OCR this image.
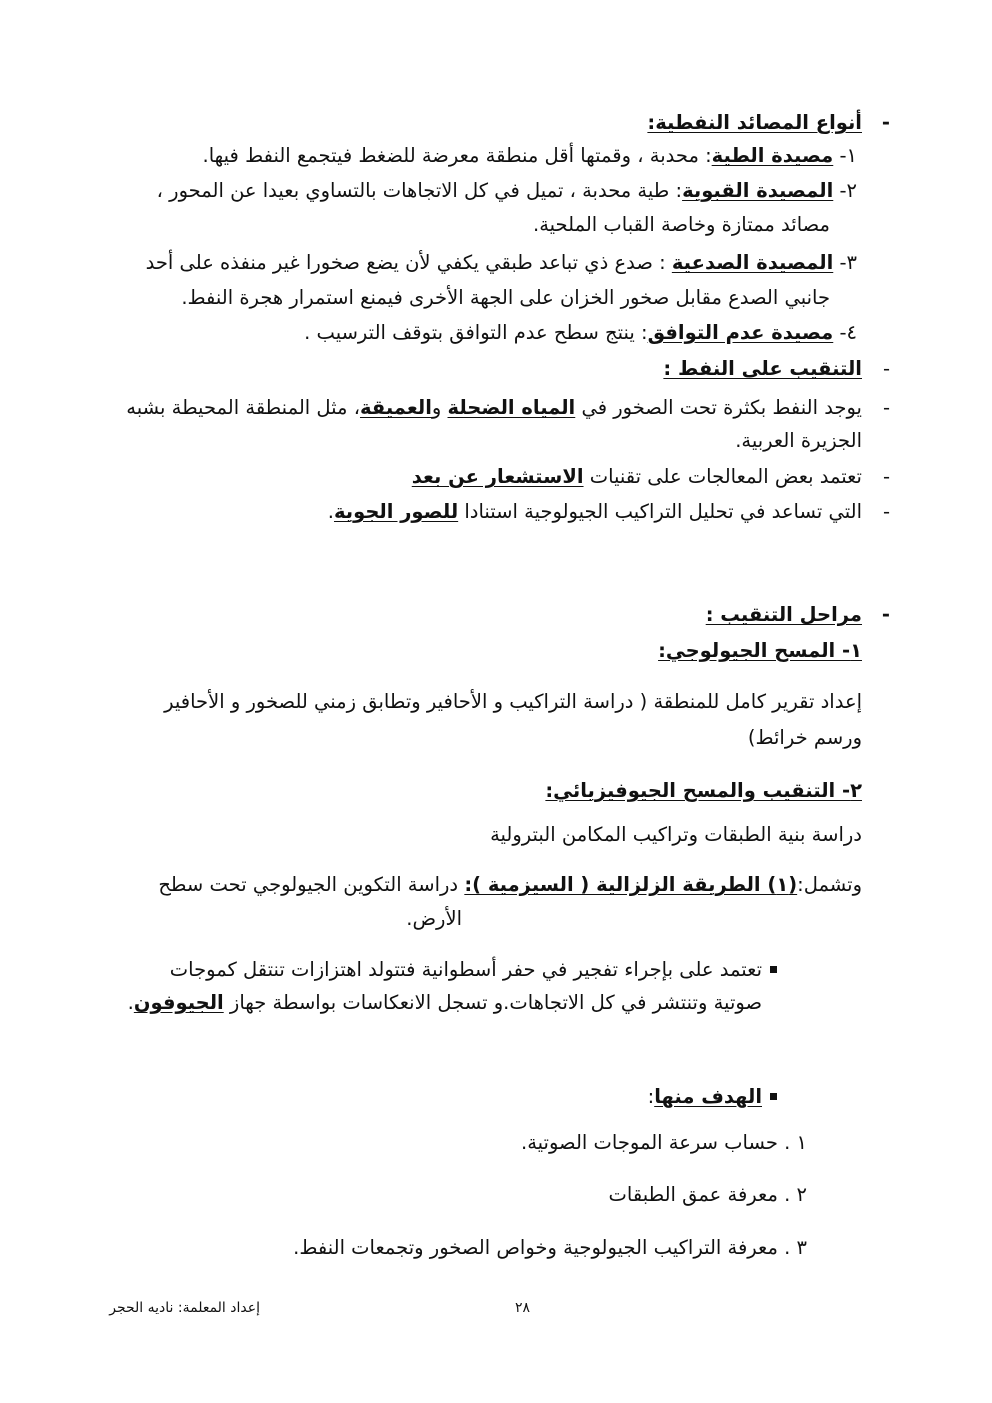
-
أنواع المصائد النفطية:
١- مصيدة الطية: محدبة ، وقمتها أقل منطقة معرضة للضغط فيتجمع النفط فيها.
٢- المصيدة القبوية: طية محدبة ، تميل في كل الاتجاهات بالتساوي بعيدا عن المحور ،
مصائد ممتازة وخاصة القباب الملحية.
٣- المصيدة الصدعية : صدع ذي تباعد طبقي يكفي لأن يضع صخورا غير منفذه على أحد
جانبي الصدع مقابل صخور الخزان على الجهة الأخرى فيمنع استمرار هجرة النفط.
٤- مصيدة عدم التوافق: ينتج سطح عدم التوافق بتوقف الترسيب .
-
التنقيب على النفط :
-
يوجد النفط بكثرة تحت الصخور في المياه الضحلة والعميقة، مثل المنطقة المحيطة بشبه
الجزيرة العربية.
-
تعتمد بعض المعالجات على تقنيات الاستشعار عن بعد
-
التي تساعد في تحليل التراكيب الجيولوجية استنادا للصور الجوية.
-
مراحل التنقيب :
١- المسح الجيولوجي:
إعداد تقرير كامل للمنطقة ( دراسة التراكيب و الأحافير وتطابق زمني للصخور و الأحافير
ورسم خرائط)
٢- التنقيب والمسح الجيوفيزيائي:
دراسة بنية الطبقات وتراكيب المكامن البترولية
وتشمل:(١) الطريقة الزلزالية ( السيزمية ): دراسة التكوين الجيولوجي تحت سطح
الأرض.
تعتمد على بإجراء تفجير في حفر أسطوانية فتتولد اهتزازات تنتقل كموجات
صوتية وتنتشر في كل الاتجاهات.و تسجل الانعكاسات بواسطة جهاز الجيوفون.
الهدف منها:
١ . حساب سرعة الموجات الصوتية.
٢ . معرفة عمق الطبقات
٣ . معرفة التراكيب الجيولوجية وخواص الصخور وتجمعات النفط.
٢٨
إعداد المعلمة: ناديه الحجر
